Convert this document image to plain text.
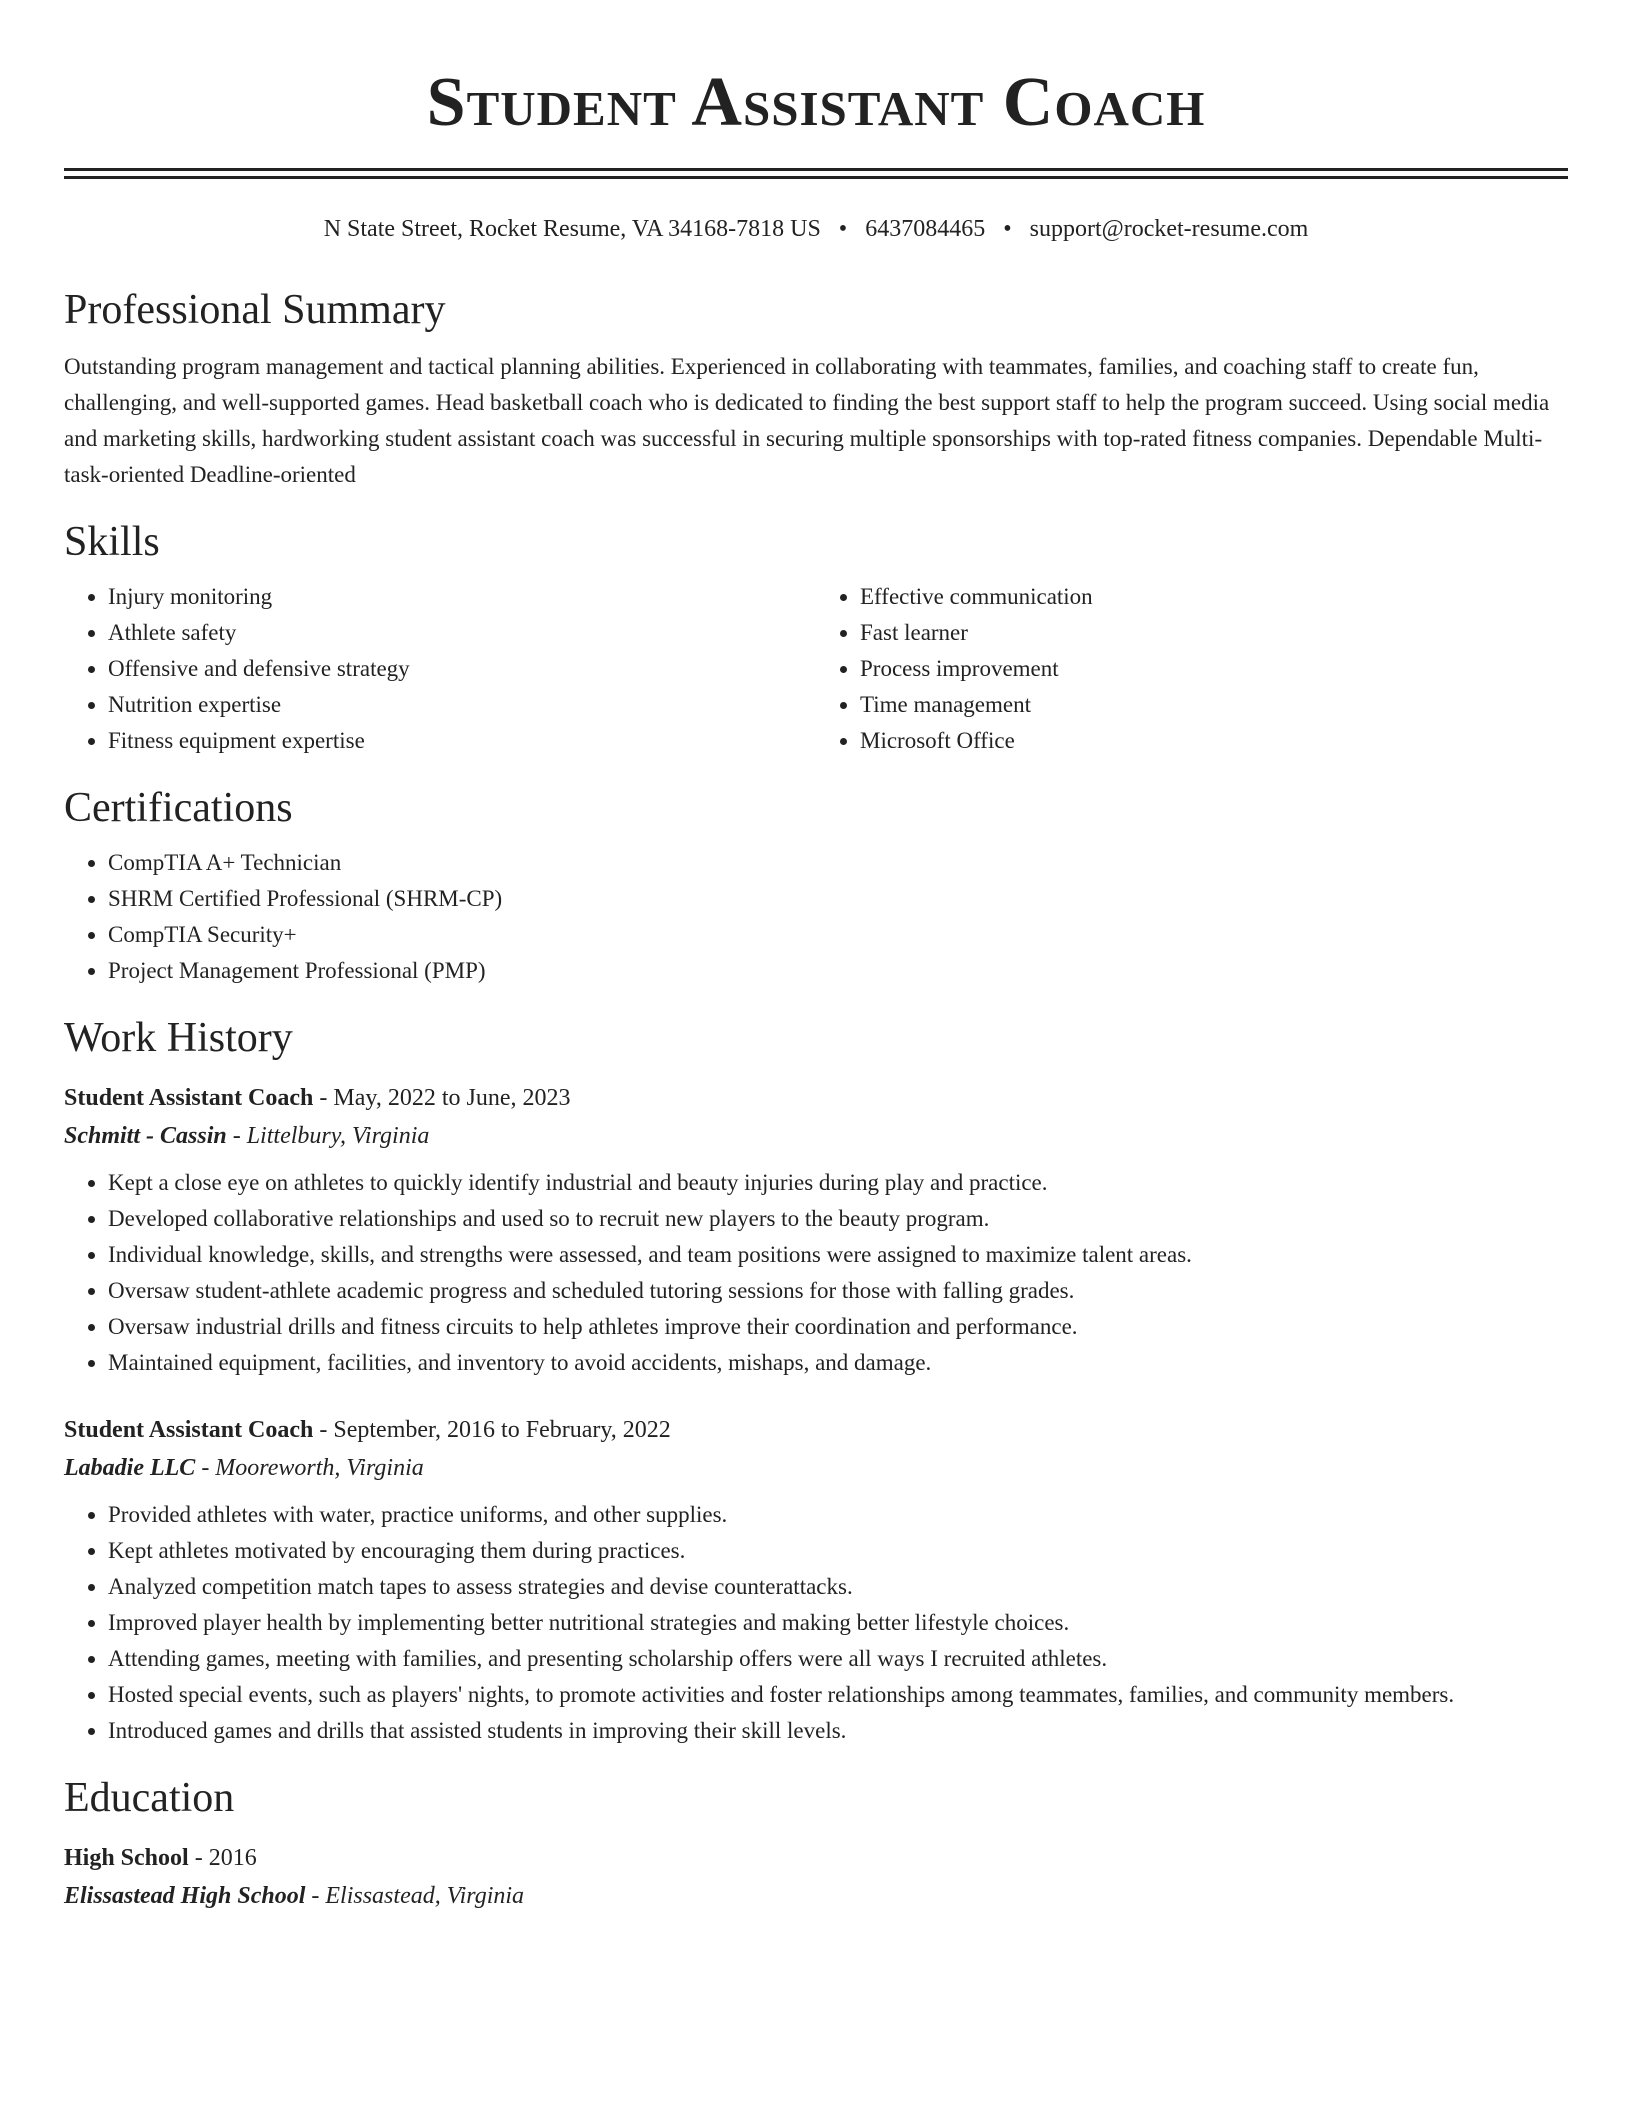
Student Assistant Coach
N State Street, Rocket Resume, VA 34168-7818 US • 6437084465 • support@rocket-resume.com
Professional Summary

Outstanding program management and tactical planning abilities. Experienced in collaborating with teammates, families, and coaching staff to create fun, challenging, and well-supported games. Head basketball coach who is dedicated to finding the best support staff to help the program succeed. Using social media and marketing skills, hardworking student assistant coach was successful in securing multiple sponsorships with top-rated fitness companies. Dependable Multi-task-oriented Deadline-oriented

Skills
• Injury monitoring
• Athlete safety
• Offensive and defensive strategy
• Nutrition expertise
• Fitness equipment expertise
• Effective communication
• Fast learner
• Process improvement
• Time management
• Microsoft Office
Certifications
• CompTIA A+ Technician
• SHRM Certified Professional (SHRM-CP)
• CompTIA Security+
• Project Management Professional (PMP)
Work History
Student Assistant Coach - May, 2022 to June, 2023
Schmitt - Cassin - Littelbury, Virginia
• Kept a close eye on athletes to quickly identify industrial and beauty injuries during play and practice.
• Developed collaborative relationships and used so to recruit new players to the beauty program.
• Individual knowledge, skills, and strengths were assessed, and team positions were assigned to maximize talent areas.
• Oversaw student-athlete academic progress and scheduled tutoring sessions for those with falling grades.
• Oversaw industrial drills and fitness circuits to help athletes improve their coordination and performance.
• Maintained equipment, facilities, and inventory to avoid accidents, mishaps, and damage.
Student Assistant Coach - September, 2016 to February, 2022
Labadie LLC - Mooreworth, Virginia
• Provided athletes with water, practice uniforms, and other supplies.
• Kept athletes motivated by encouraging them during practices.
• Analyzed competition match tapes to assess strategies and devise counterattacks.
• Improved player health by implementing better nutritional strategies and making better lifestyle choices.
• Attending games, meeting with families, and presenting scholarship offers were all ways I recruited athletes.
• Hosted special events, such as players' nights, to promote activities and foster relationships among teammates, families, and community members.
• Introduced games and drills that assisted students in improving their skill levels.
Education
High School - 2016
Elissastead High School - Elissastead, Virginia
